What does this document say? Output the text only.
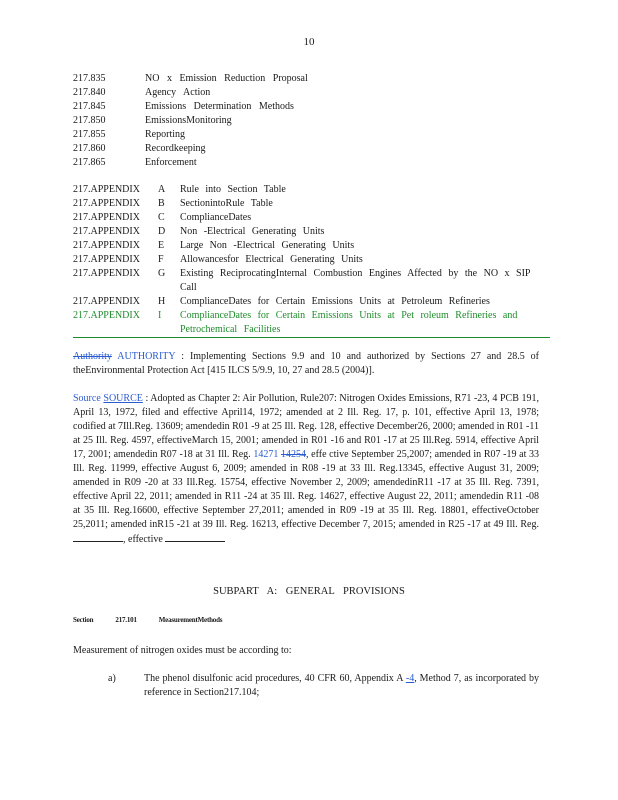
10
217.835	NO x Emission Reduction Proposal
217.840	Agency Action
217.845	Emissions Determination Methods
217.850	EmissionsMonitoring
217.855	Reporting
217.860	Recordkeeping
217.865	Enforcement
217.APPENDIX	A	Rule into Section Table
217.APPENDIX	B	SectionintoRule Table
217.APPENDIX	C	ComplianceDates
217.APPENDIX	D	Non -Electrical Generating Units
217.APPENDIX	E	Large Non -Electrical Generating Units
217.APPENDIX	F	Allowancesfor Electrical Generating Units
217.APPENDIX	G	Existing ReciprocatingInternal Combustion Engines Affected by the NO x SIP Call
217.APPENDIX	H	ComplianceDates for Certain Emissions Units at Petroleum Refineries
217.APPENDIX	I	ComplianceDates for Certain Emissions Units at Pet roleum Refineries and Petrochemical Facilities
Authority AUTHORITY : Implementing Sections 9.9 and 10 and authorized by Sections 27 and 28.5 of theEnvironmental Protection Act [415 ILCS 5/9.9, 10, 27 and 28.5 (2004)].
Source SOURCE : Adopted as Chapter 2: Air Pollution, Rule207: Nitrogen Oxides Emissions, R71 -23, 4 PCB 191, April 13, 1972, filed and effective April14, 1972; amended at 2 Ill. Reg. 17, p. 101, effective April 13, 1978; codified at 7Ill.Reg. 13609; amendedin R01 -9 at 25 Ill. Reg. 128, effective December26, 2000; amended in R01 -11 at 25 Ill. Reg. 4597, effectiveMarch 15, 2001; amended in R01 -16 and R01 -17 at 25 Ill.Reg. 5914, effective April 17, 2001; amendedin R07 -18 at 31 Ill. Reg. 14271 14254, effe ctive September 25,2007; amended in R07 -19 at 33 Ill. Reg. 11999, effective August 6, 2009; amended in R08 -19 at 33 Ill. Reg.13345, effective August 31, 2009; amended in R09 -20 at 33 Ill.Reg. 15754, effective November 2, 2009; amendedinR11 -17 at 35 Ill. Reg. 7391, effective April 22, 2011; amended in R11 -24 at 35 Ill. Reg. 14627, effective August 22, 2011; amendedin R11 -08 at 35 Ill. Reg.16600, effective September 27,2011; amended in R09 -19 at 35 Ill. Reg. 18801, effectiveOctober 25,2011; amended inR15 -21 at 39 Ill. Reg. 16213, effective December 7, 2015; amended in R25 -17 at 49 Ill. Reg. , effective
SUBPART A: GENERAL PROVISIONS
Section	217.101	MeasurementMethods
Measurement of nitrogen oxides must be according to:
a)	The phenol disulfonic acid procedures, 40 CFR 60, Appendix A -4, Method 7, as incorporated by reference in Section217.104;
